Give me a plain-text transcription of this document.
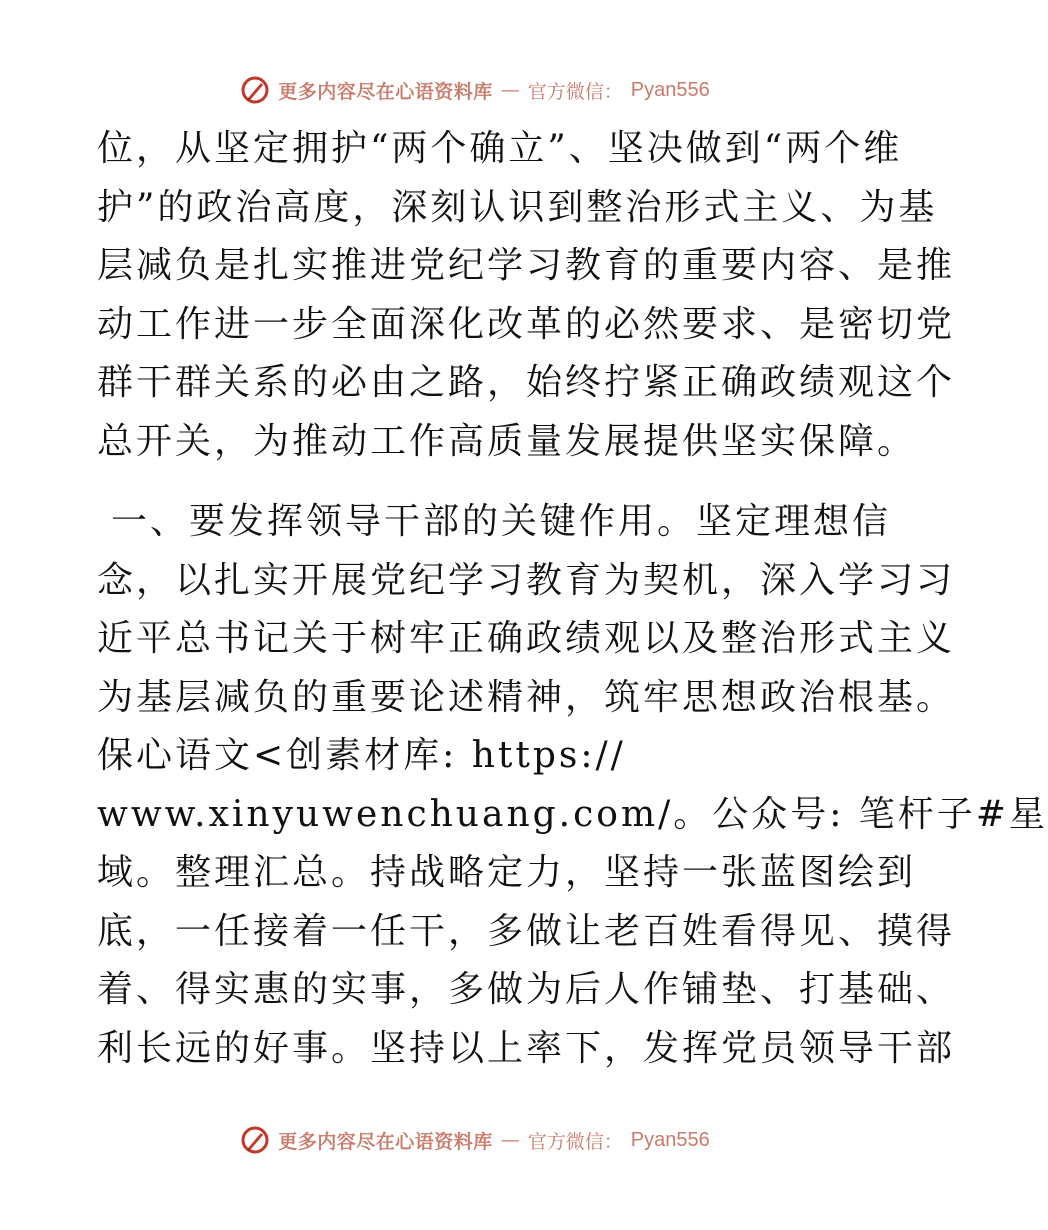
更多内容尽在心语资料库 — 官方微信： Pyan556
位，从坚定拥护“两个确立”、坚决做到“两个维
护”的政治高度，深刻认识到整治形式主义、为基
层减负是扎实推进党纪学习教育的重要内容、是推
动工作进一步全面深化改革的必然要求、是密切党
群干群关系的必由之路，始终拧紧正确政绩观这个
总开关，为推动工作高质量发展提供坚实保障。
一、要发挥领导干部的关键作用。坚定理想信
念，以扎实开展党纪学习教育为契机，深入学习习
近平总书记关于树牢正确政绩观以及整治形式主义
为基层减负的重要论述精神，筑牢思想政治根基。
保心语文<创素材库: https://
www.xinyuwenchuang.com/。公众号: 笔杆子#星
域。整理汇总。持战略定力，坚持一张蓝图绘到
底，一任接着一任干，多做让老百姓看得见、摸得
着、得实惠的实事，多做为后人作铺垫、打基础、
利长远的好事。坚持以上率下，发挥党员领导干部
更多内容尽在心语资料库 — 官方微信： Pyan556
